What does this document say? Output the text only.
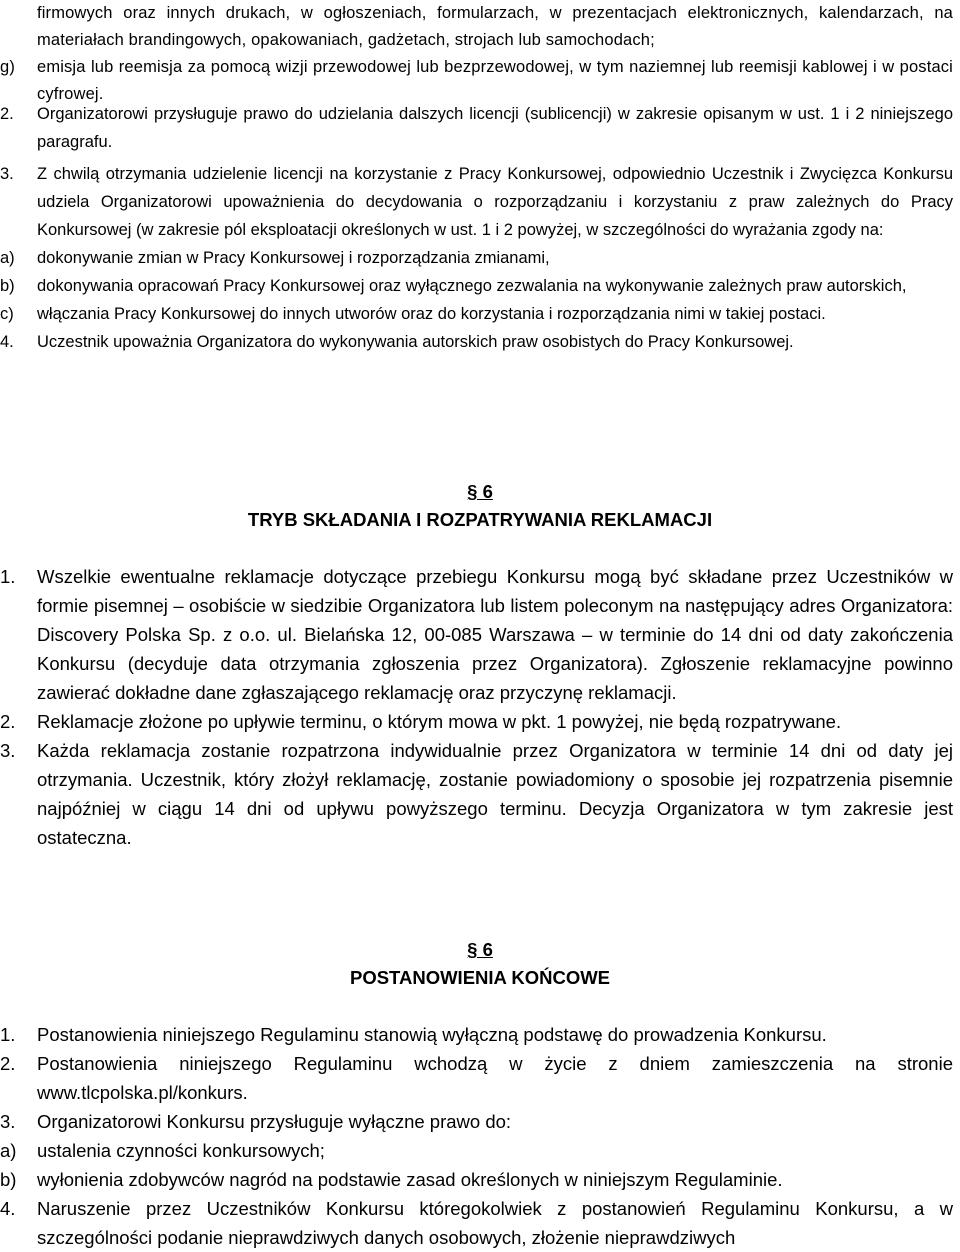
firmowych oraz innych drukach, w ogłoszeniach, formularzach, w prezentacjach elektronicznych, kalendarzach, na materiałach brandingowych, opakowaniach, gadżetach, strojach lub samochodach;
g)	emisja lub reemisja za pomocą wizji przewodowej lub bezprzewodowej, w tym naziemnej lub reemisji kablowej i w postaci cyfrowej.
2.	Organizatorowi przysługuje prawo do udzielania dalszych licencji (sublicencji) w zakresie opisanym w ust. 1 i 2 niniejszego paragrafu.
3.	Z chwilą otrzymania udzielenie licencji na korzystanie z Pracy Konkursowej, odpowiednio Uczestnik i Zwycięzca Konkursu udziela Organizatorowi upoważnienia do decydowania o rozporządzaniu i korzystaniu z praw zależnych do Pracy Konkursowej (w zakresie pól eksploatacji określonych w ust. 1 i 2 powyżej, w szczególności do wyrażania zgody na:
a)	dokonywanie zmian w Pracy Konkursowej i rozporządzania zmianami,
b)	dokonywania opracowań Pracy Konkursowej oraz wyłącznego zezwalania na wykonywanie zależnych praw autorskich,
c)	włączania Pracy Konkursowej do innych utworów oraz do korzystania i rozporządzania nimi w takiej postaci.
4.	Uczestnik upoważnia Organizatora do wykonywania autorskich praw osobistych do Pracy Konkursowej.
§ 6
TRYB SKŁADANIA I ROZPATRYWANIA REKLAMACJI
1.	Wszelkie ewentualne reklamacje dotyczące przebiegu Konkursu mogą być składane przez Uczestników w formie pisemnej – osobiście w siedzibie Organizatora lub listem poleconym na następujący adres Organizatora: Discovery Polska Sp. z o.o. ul. Bielańska 12, 00-085 Warszawa – w terminie do 14 dni od daty zakończenia Konkursu (decyduje data otrzymania zgłoszenia przez Organizatora). Zgłoszenie reklamacyjne powinno zawierać dokładne dane zgłaszającego reklamację oraz przyczynę reklamacji.
2.	Reklamacje złożone po upływie terminu, o którym mowa w pkt. 1 powyżej, nie będą rozpatrywane.
3.	Każda reklamacja zostanie rozpatrzona indywidualnie przez Organizatora w terminie 14 dni od daty jej otrzymania. Uczestnik, który złożył reklamację, zostanie powiadomiony o sposobie jej rozpatrzenia pisemnie najpóźniej w ciągu 14 dni od upływu powyższego terminu. Decyzja Organizatora w tym zakresie jest ostateczna.
§ 6
POSTANOWIENIA KOŃCOWE
1.	Postanowienia niniejszego Regulaminu stanowią wyłączną podstawę do prowadzenia Konkursu.
2.	Postanowienia niniejszego Regulaminu wchodzą w życie z dniem zamieszczenia na stronie www.tlcpolska.pl/konkurs.
3.	Organizatorowi Konkursu przysługuje wyłączne prawo do:
a)	ustalenia czynności konkursowych;
b)	wyłonienia zdobywców nagród na podstawie zasad określonych w niniejszym Regulaminie.
4.	Naruszenie przez Uczestników Konkursu któregokolwiek z postanowień Regulaminu Konkursu, a w szczególności podanie nieprawdziwych danych osobowych, złożenie nieprawdziwych
